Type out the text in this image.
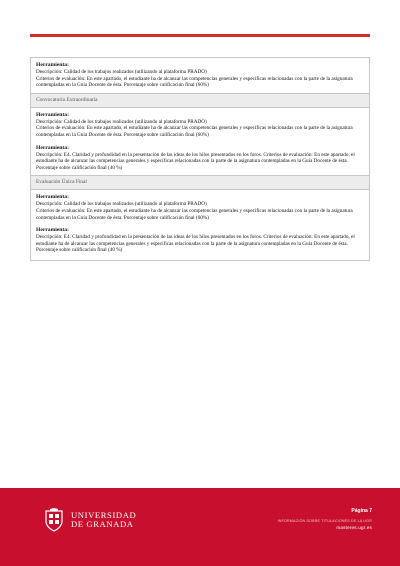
Herramienta:
Descripción: Calidad de los trabajos realizados (utilizando al plataforma PRADO)
Criterios de evaluación: En este apartado, el estudiante ha de alcanzar las competencias generales y específicas relacionadas con la parte de la asignatura contempladas en la Guía Docente de ésta. Porcentaje sobre calificación final (60%)
Convocatoria Extraordinaria
Herramienta:
Descripción: Calidad de los trabajos realizados (utilizando al plataforma PRADO)
Criterios de evaluación: En este apartado, el estudiante ha de alcanzar las competencias generales y específicas relacionadas con la parte de la asignatura contempladas en la Guía Docente de ésta. Porcentaje sobre calificación final (60%)
Herramienta:
Descripción: E4. Claridad y profundidad en la presentación de las ideas de los hilos presentados en los foros. Criterios de evaluación: En este apartado, el estudiante ha de alcanzar las competencias generales y específicas relacionadas con la parte de la asignatura contempladas en la Guía Docente de ésta. Porcentaje sobre calificación final (40 %)
Evaluación Única Final
Herramienta:
Descripción: Calidad de los trabajos realizados (utilizando al plataforma PRADO)
Criterios de evaluación: En este apartado, el estudiante ha de alcanzar las competencias generales y específicas relacionadas con la parte de la asignatura contempladas en la Guía Docente de ésta. Porcentaje sobre calificación final (60%)
Herramienta:
Descripción: E4. Claridad y profundidad en la presentación de las ideas de los hilos presentados en los foros. Criterios de evaluación: En este apartado, el estudiante ha de alcanzar las competencias generales y específicas relacionadas con la parte de la asignatura contempladas en la Guía Docente de ésta. Porcentaje sobre calificación final (40 %)
UNIVERSIDAD
DE GRANADA
Página 7
INFORMACIÓN SOBRE TITULACIONES DE LA UGR
masteres.ugr.es
